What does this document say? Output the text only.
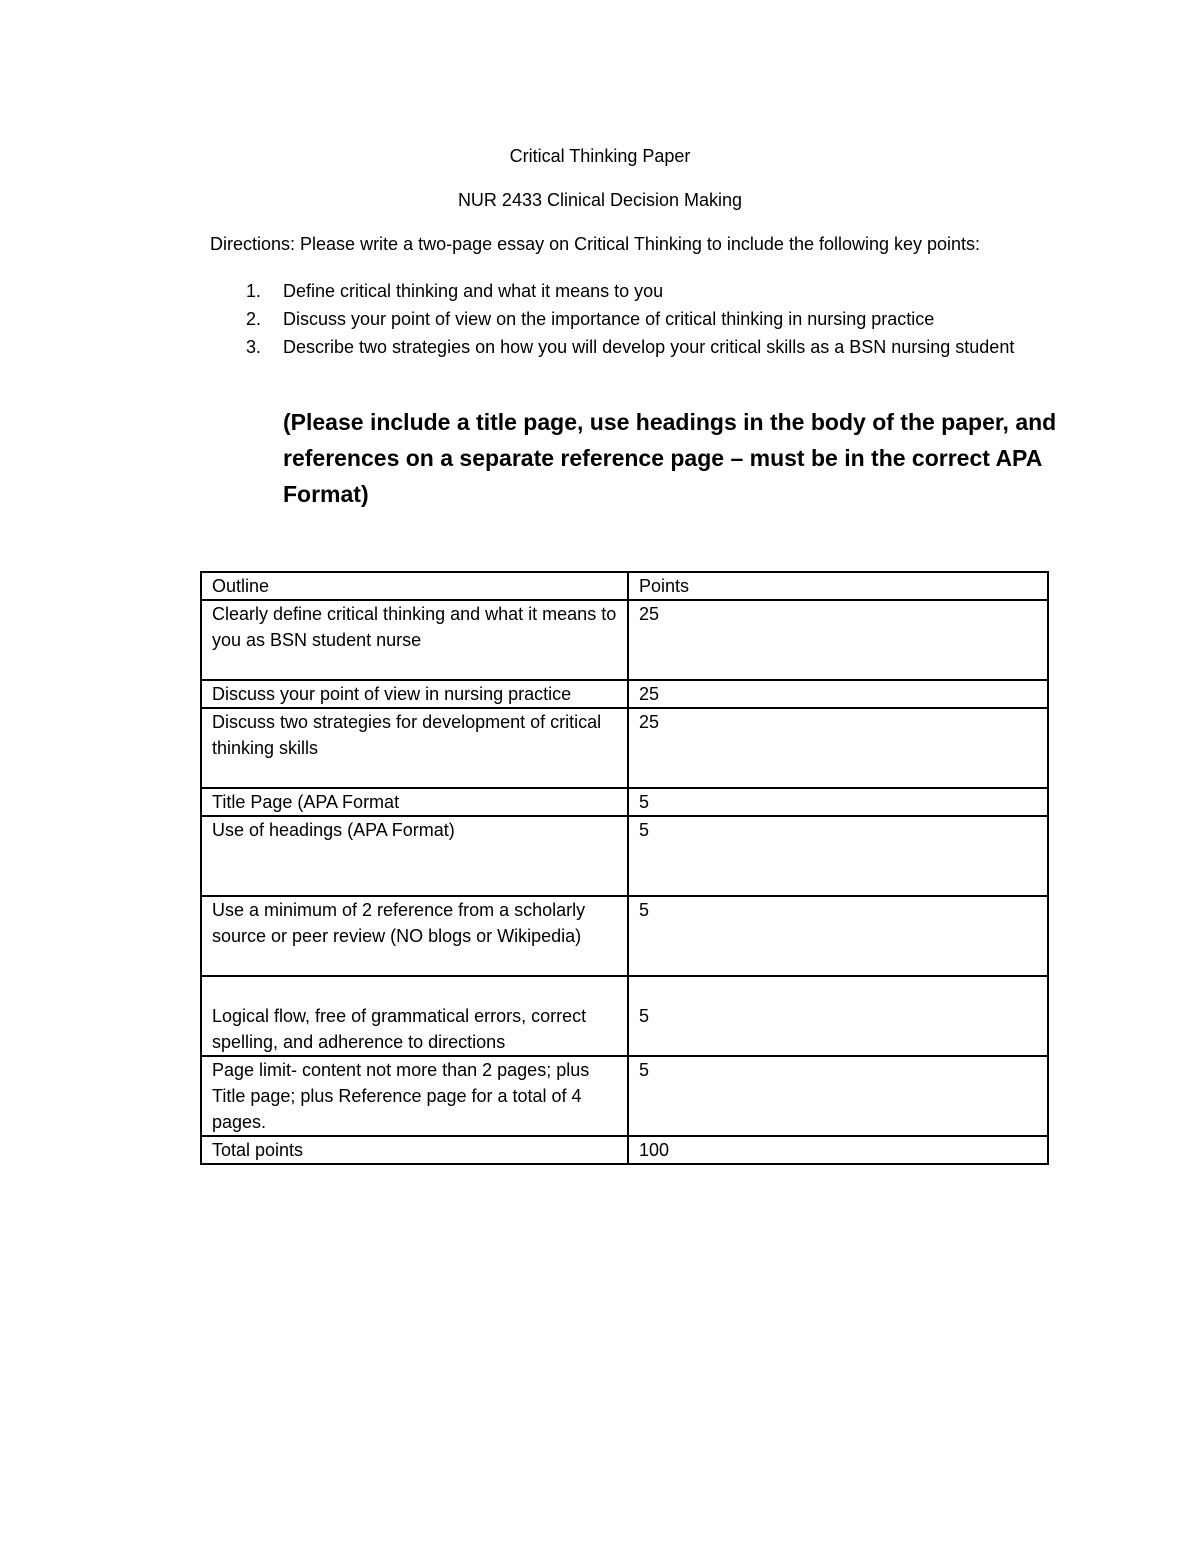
Critical Thinking Paper
NUR 2433 Clinical Decision Making
Directions: Please write a two-page essay on Critical Thinking to include the following key points:
1. Define critical thinking and what it means to you
2. Discuss your point of view on the importance of critical thinking in nursing practice
3. Describe two strategies on how you will develop your critical skills as a BSN nursing student
(Please include a title page, use headings in the body of the paper, and references on a separate reference page – must be in the correct APA Format)
Outline	Points
Clearly define critical thinking and what it means to you as BSN student nurse	25
Discuss your point of view in nursing practice	25
Discuss two strategies for development of critical thinking skills	25
Title Page (APA Format	5
Use of headings (APA Format)	5
Use a minimum of 2 reference from a scholarly source or peer review (NO blogs or Wikipedia)	5
Logical flow, free of grammatical errors, correct spelling, and adherence to directions	5
Page limit- content not more than 2 pages; plus Title page; plus Reference page for a total of 4 pages.	5
Total points	100
